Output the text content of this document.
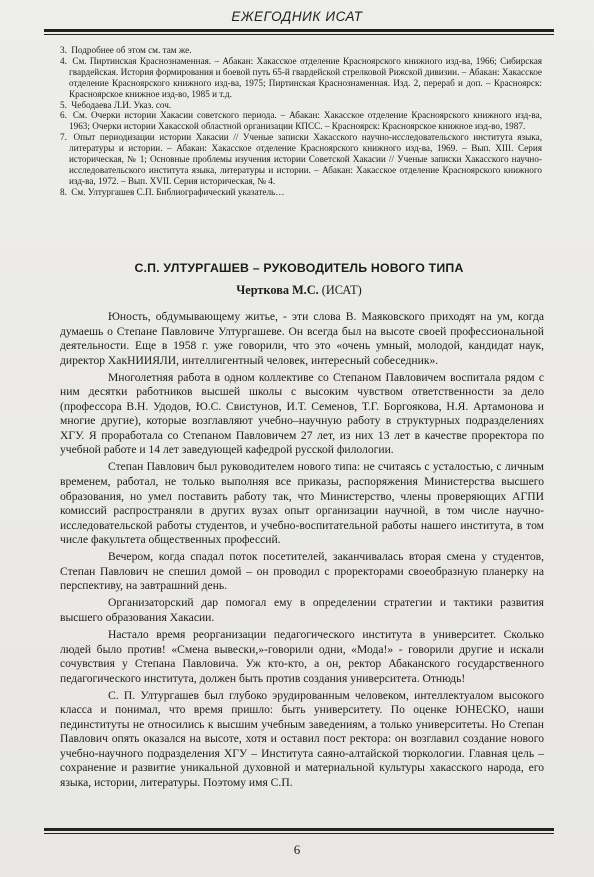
ЕЖЕГОДНИК ИСАТ
3. Подробнее об этом см. там же.
4. См. Пиртинская Краснознаменная. – Абакан: Хакасское отделение Красноярского книжного изд-ва, 1966; Сибирская гвардейская. История формирования и боевой путь 65-й гвардейской стрелковой Рижской дивизии. – Абакан: Хакасское отделение Красноярского книжного изд-ва, 1975; Пиртинская Краснознаменная. Изд. 2, перераб и доп. – Красноярск: Красноярское книжное изд-во, 1985 и т.д.
5. Чебодаева Л.И. Указ. соч.
6. См. Очерки истории Хакасии советского периода. – Абакан: Хакасское отделение Красноярского книжного изд-ва, 1963; Очерки истории Хакасской областной организации КПСС. – Красноярск: Красноярское книжное изд-во, 1987.
7. Опыт периодизации истории Хакасии // Ученые записки Хакасского научно-исследовательского института языка, литературы и истории. – Абакан: Хакасское отделение Красноярского книжного изд-ва, 1969. – Вып. XIII. Серия историческая, № 1; Основные проблемы изучения истории Советской Хакасии // Ученые записки Хакасского научно-исследовательского института языка, литературы и истории. – Абакан: Хакасское отделение Красноярского книжного изд-ва, 1972. – Вып. XVII. Серия историческая, № 4.
8. См. Ултургашев С.П. Библиографический указатель…
С.П. УЛТУРГАШЕВ – РУКОВОДИТЕЛЬ НОВОГО ТИПА
Черткова М.С. (ИСАТ)

Юность, обдумывающему житье, - эти слова В. Маяковского приходят на ум, когда думаешь о Степане Павловиче Ултургашеве. Он всегда был на высоте своей профессиональной деятельности. Еще в 1958 г. уже говорили, что это «очень умный, молодой, кандидат наук, директор ХакНИИЯЛИ, интеллигентный человек, интересный собеседник».

Многолетняя работа в одном коллективе со Степаном Павловичем воспитала рядом с ним десятки работников высшей школы с высоким чувством ответственности за дело (профессора В.Н. Удодов, Ю.С. Свистунов, И.Т. Семенов, Т.Г. Боргоякова, Н.Я. Артамонова и многие другие), которые возглавляют учебно–научную работу в структурных подразделениях ХГУ. Я проработала со Степаном Павловичем 27 лет, из них 13 лет в качестве проректора по учебной работе и 14 лет заведующей кафедрой русской филологии.

Степан Павлович был руководителем нового типа: не считаясь с усталостью, с личным временем, работал, не только выполняя все приказы, распоряжения Министерства высшего образования, но умел поставить работу так, что Министерство, члены проверяющих АГПИ комиссий распространяли в других вузах опыт организации научной, в том числе научно-исследовательской работы студентов, и учебно-воспитательной работы нашего института, в том числе факультета общественных профессий.

Вечером, когда спадал поток посетителей, заканчивалась вторая смена у студентов, Степан Павлович не спешил домой – он проводил с проректорами своеобразную планерку на перспективу, на завтрашний день.

Организаторский дар помогал ему в определении стратегии и тактики развития высшего образования Хакасии.

Настало время реорганизации педагогического института в университет. Сколько людей было против! «Смена вывески,»-говорили одни, «Мода!» - говорили другие и искали сочувствия у Степана Павловича. Уж кто-кто, а он, ректор Абаканского государственного педагогического института, должен быть против создания университета. Отнюдь!

С. П. Ултургашев был глубоко эрудированным человеком, интеллектуалом высокого класса и понимал, что время пришло: быть университету. По оценке ЮНЕСКО, наши пединституты не относились к высшим учебным заведениям, а только университеты. Но Степан Павлович опять оказался на высоте, хотя и оставил пост ректора: он возглавил создание нового учебно-научного подразделения ХГУ – Института саяно-алтайской тюркологии. Главная цель – сохранение и развитие уникальной духовной и материальной культуры хакасского народа, его языка, истории, литературы. Поэтому имя С.П.

6
